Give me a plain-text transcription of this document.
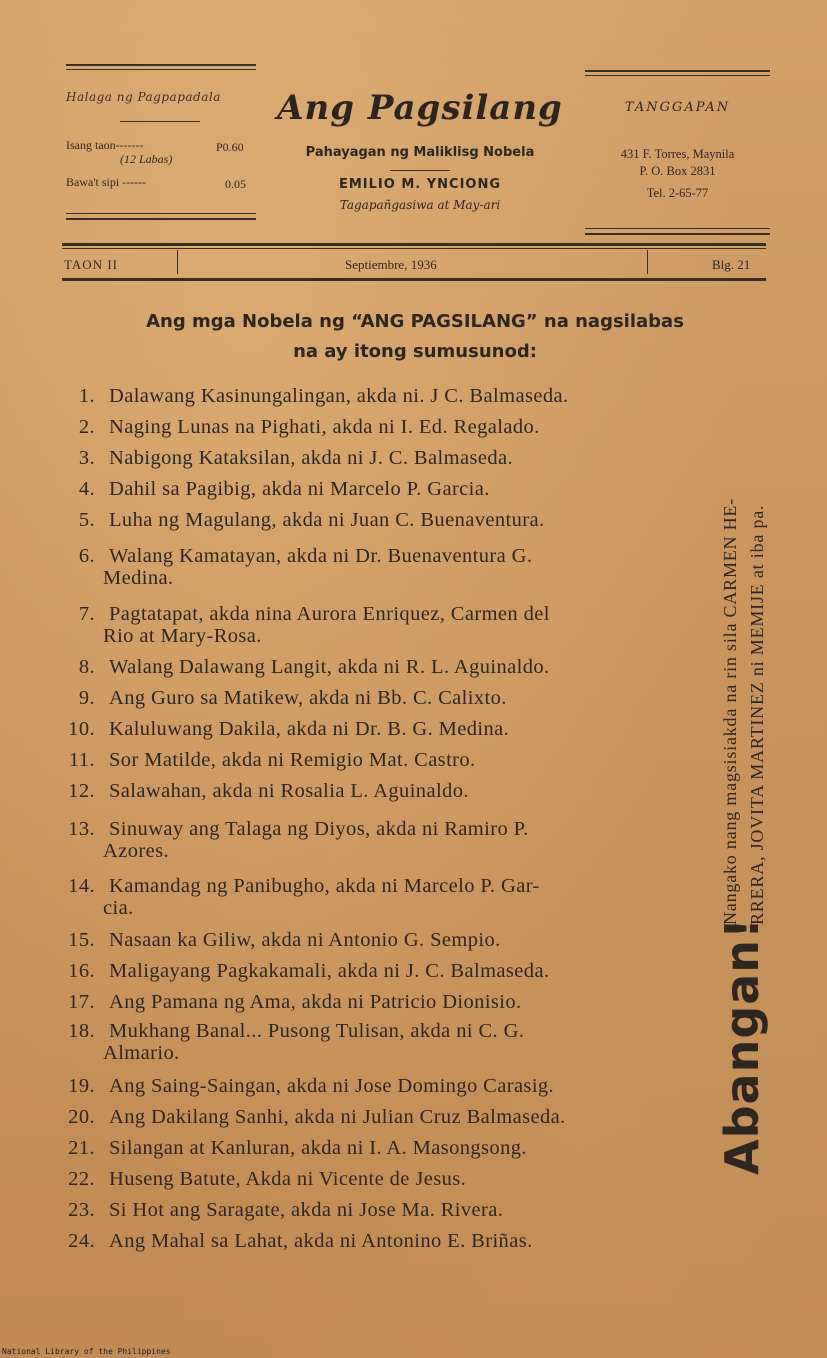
Halaga ng Pagpapadala
Isang taon-------	P0.60
(12 Labas)
Bawa't sipi ------	0.05
Ang Pagsilang
Pahayagan ng Maliklisg Nobela
EMILIO M. YNCIONG
Tagapañgasiwa at May-ari
TANGGAPAN
431 F. Torres, Maynila
P. O. Box 2831
Tel. 2-65-77
TAON II	Septiembre, 1936	Blg. 21
Ang mga Nobela ng “ANG PAGSILANG” na nagsilabas
na ay itong sumusunod:
1. Dalawang Kasinungalingan, akda ni. J C. Balmaseda.
2. Naging Lunas na Pighati, akda ni I. Ed. Regalado.
3. Nabigong Kataksilan, akda ni J. C. Balmaseda.
4. Dahil sa Pagibig, akda ni Marcelo P. Garcia.
5. Luha ng Magulang, akda ni Juan C. Buenaventura.
6. Walang Kamatayan, akda ni Dr. Buenaventura G.
Medina.
7. Pagtatapat, akda nina Aurora Enriquez, Carmen del
Rio at Mary-Rosa.
8. Walang Dalawang Langit, akda ni R. L. Aguinaldo.
9. Ang Guro sa Matikew, akda ni Bb. C. Calixto.
10. Kaluluwang Dakila, akda ni Dr. B. G. Medina.
11. Sor Matilde, akda ni Remigio Mat. Castro.
12. Salawahan, akda ni Rosalia L. Aguinaldo.
13. Sinuway ang Talaga ng Diyos, akda ni Ramiro P.
Azores.
14. Kamandag ng Panibugho, akda ni Marcelo P. Gar-
cia.
15. Nasaan ka Giliw, akda ni Antonio G. Sempio.
16. Maligayang Pagkakamali, akda ni J. C. Balmaseda.
17. Ang Pamana ng Ama, akda ni Patricio Dionisio.
18. Mukhang Banal... Pusong Tulisan, akda ni C. G.
Almario.
19. Ang Saing-Saingan, akda ni Jose Domingo Carasig.
20. Ang Dakilang Sanhi, akda ni Julian Cruz Balmaseda.
21. Silangan at Kanluran, akda ni I. A. Masongsong.
22. Huseng Batute, Akda ni Vicente de Jesus.
23. Si Hot ang Saragate, akda ni Jose Ma. Rivera.
24. Ang Mahal sa Lahat, akda ni Antonino E. Briñas.
Nangako nang magsisiakda na rin sila CARMEN HE- RRERA, JOVITA MARTINEZ ni MEMIJE at iba pa.
Abangan!
National Library of the Philippines
